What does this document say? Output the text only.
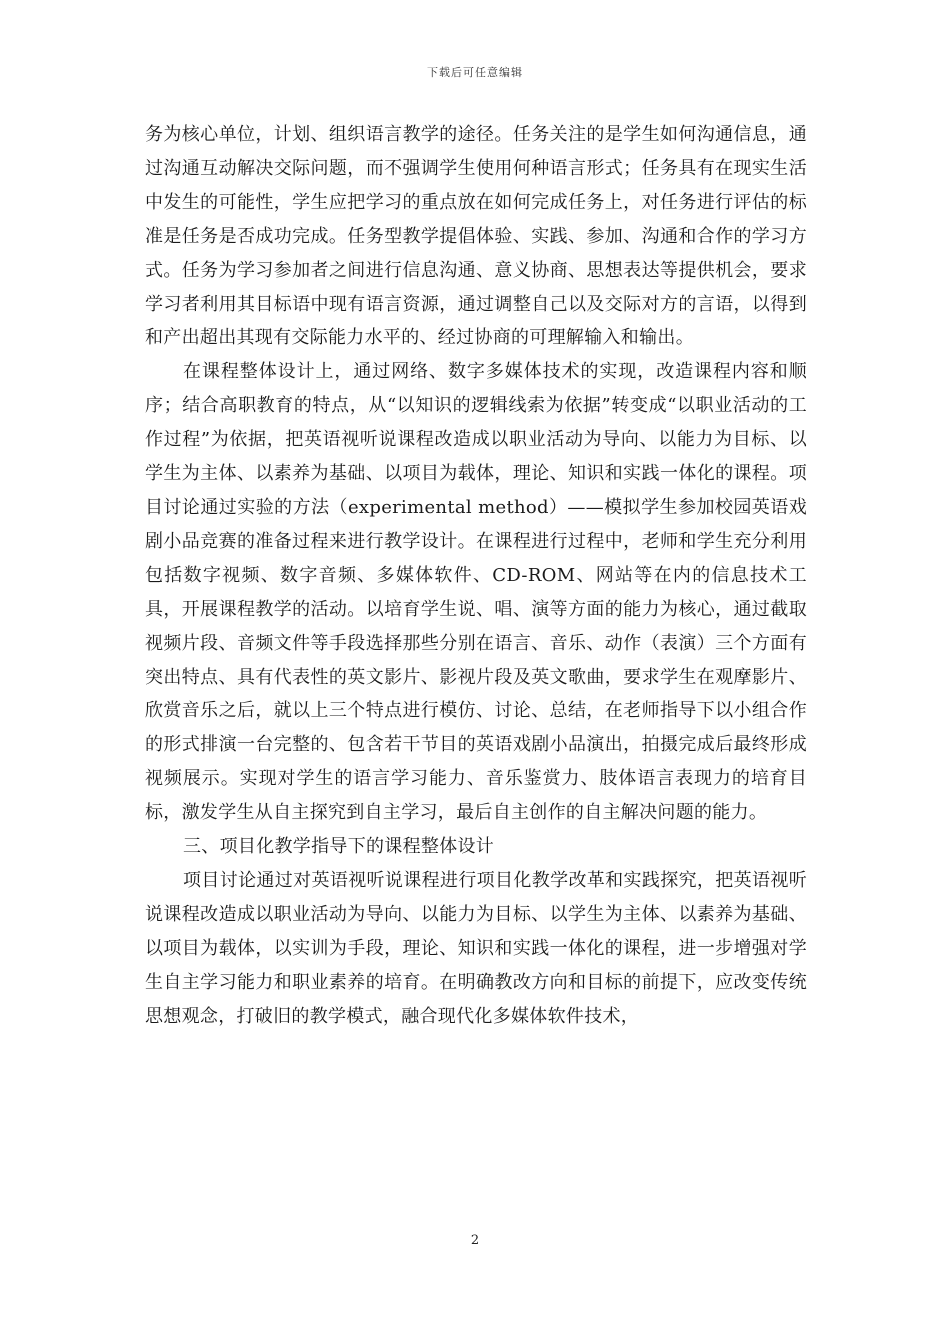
下载后可任意编辑

务为核心单位，计划、组织语言教学的途径。任务关注的是学生如何沟通信息，通过沟通互动解决交际问题，而不强调学生使用何种语言形式；任务具有在现实生活中发生的可能性，学生应把学习的重点放在如何完成任务上，对任务进行评估的标准是任务是否成功完成。任务型教学提倡体验、实践、参加、沟通和合作的学习方式。任务为学习参加者之间进行信息沟通、意义协商、思想表达等提供机会，要求学习者利用其目标语中现有语言资源，通过调整自己以及交际对方的言语，以得到和产出超出其现有交际能力水平的、经过协商的可理解输入和输出。

在课程整体设计上，通过网络、数字多媒体技术的实现，改造课程内容和顺序；结合高职教育的特点，从“以知识的逻辑线索为依据”转变成“以职业活动的工作过程”为依据，把英语视听说课程改造成以职业活动为导向、以能力为目标、以学生为主体、以素养为基础、以项目为载体，理论、知识和实践一体化的课程。项目讨论通过实验的方法（experimental method）——模拟学生参加校园英语戏剧小品竞赛的准备过程来进行教学设计。在课程进行过程中，老师和学生充分利用包括数字视频、数字音频、多媒体软件、CD-ROM、网站等在内的信息技术工具，开展课程教学的活动。以培育学生说、唱、演等方面的能力为核心，通过截取视频片段、音频文件等手段选择那些分别在语言、音乐、动作（表演）三个方面有突出特点、具有代表性的英文影片、影视片段及英文歌曲，要求学生在观摩影片、欣赏音乐之后，就以上三个特点进行模仿、讨论、总结，在老师指导下以小组合作的形式排演一台完整的、包含若干节目的英语戏剧小品演出，拍摄完成后最终形成视频展示。实现对学生的语言学习能力、音乐鉴赏力、肢体语言表现力的培育目标，激发学生从自主探究到自主学习，最后自主创作的自主解决问题的能力。

三、项目化教学指导下的课程整体设计

项目讨论通过对英语视听说课程进行项目化教学改革和实践探究，把英语视听说课程改造成以职业活动为导向、以能力为目标、以学生为主体、以素养为基础、以项目为载体，以实训为手段，理论、知识和实践一体化的课程，进一步增强对学生自主学习能力和职业素养的培育。在明确教改方向和目标的前提下，应改变传统思想观念，打破旧的教学模式，融合现代化多媒体软件技术，

2
